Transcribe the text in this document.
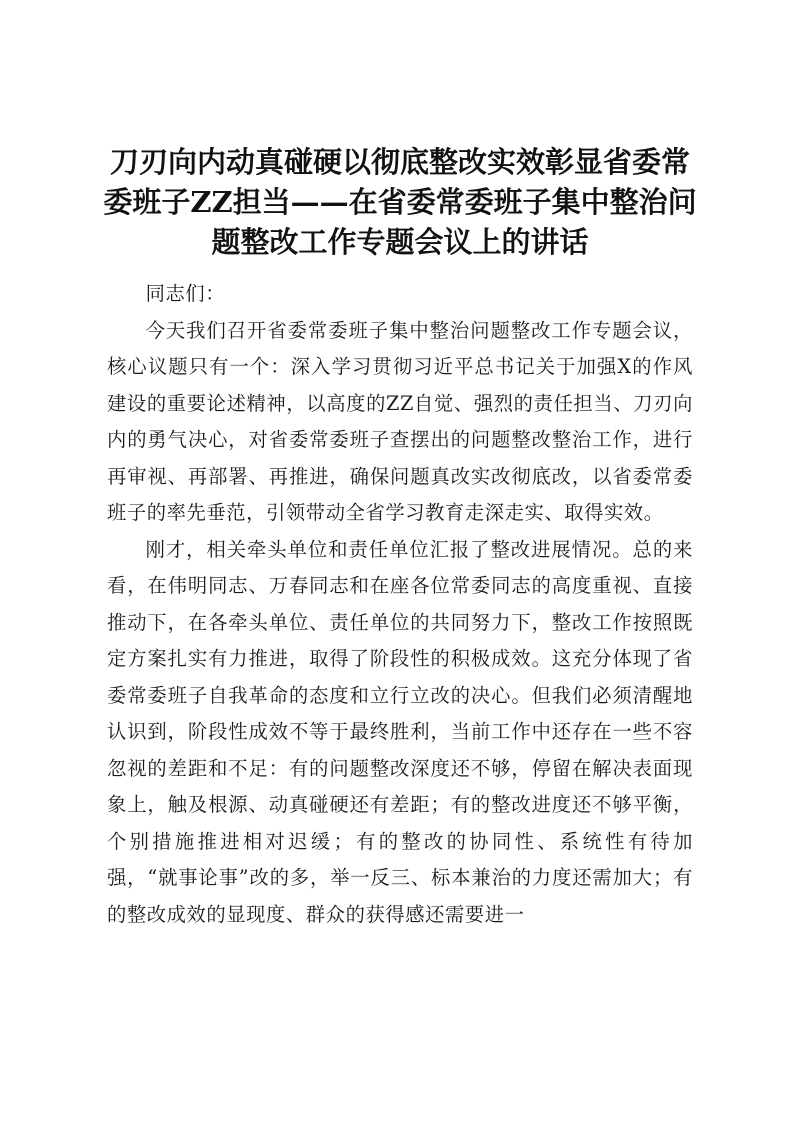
刀刃向内动真碰硬以彻底整改实效彰显省委常委班子ZZ担当——在省委常委班子集中整治问题整改工作专题会议上的讲话

同志们：

今天我们召开省委常委班子集中整治问题整改工作专题会议，核心议题只有一个：深入学习贯彻习近平总书记关于加强X的作风建设的重要论述精神，以高度的ZZ自觉、强烈的责任担当、刀刃向内的勇气决心，对省委常委班子查摆出的问题整改整治工作，进行再审视、再部署、再推进，确保问题真改实改彻底改，以省委常委班子的率先垂范，引领带动全省学习教育走深走实、取得实效。

刚才，相关牵头单位和责任单位汇报了整改进展情况。总的来看，在伟明同志、万春同志和在座各位常委同志的高度重视、直接推动下，在各牵头单位、责任单位的共同努力下，整改工作按照既定方案扎实有力推进，取得了阶段性的积极成效。这充分体现了省委常委班子自我革命的态度和立行立改的决心。但我们必须清醒地认识到，阶段性成效不等于最终胜利，当前工作中还存在一些不容忽视的差距和不足：有的问题整改深度还不够，停留在解决表面现象上，触及根源、动真碰硬还有差距；有的整改进度还不够平衡，个别措施推进相对迟缓；有的整改的协同性、系统性有待加强，“就事论事”改的多，举一反三、标本兼治的力度还需加大；有的整改成效的显现度、群众的获得感还需要进一
